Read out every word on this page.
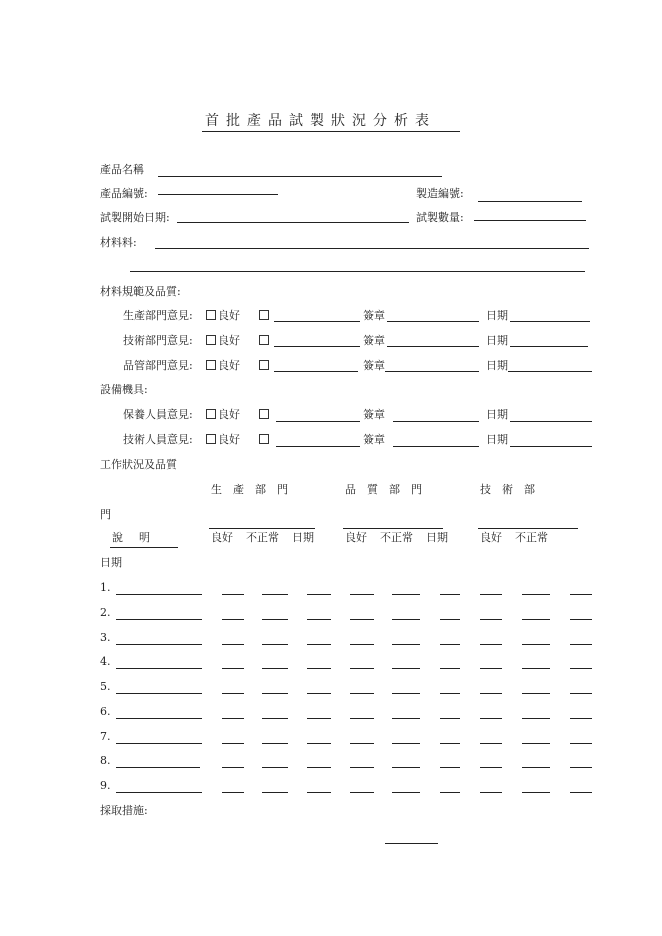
首批產品試製狀況分析表
產品名稱
產品編號:	製造編號:
試製開始日期:	試製數量:
材料料:
材料規範及品質:
生產部門意見:	良好	簽章	日期
技術部門意見:	良好	簽章	日期
品管部門意見:	良好	簽章	日期
設備機具:
保養人員意見:	良好	簽章	日期
技術人員意見:	良好	簽章	日期
工作狀況及品質
生　產　部　門	品　質　部　門	技　術　部
門
說明	良好 不正常 日期	良好 不正常 日期	良好 不正常
日期
1.
2.
3.
4.
5.
6.
7.
8.
9.
採取措施:
